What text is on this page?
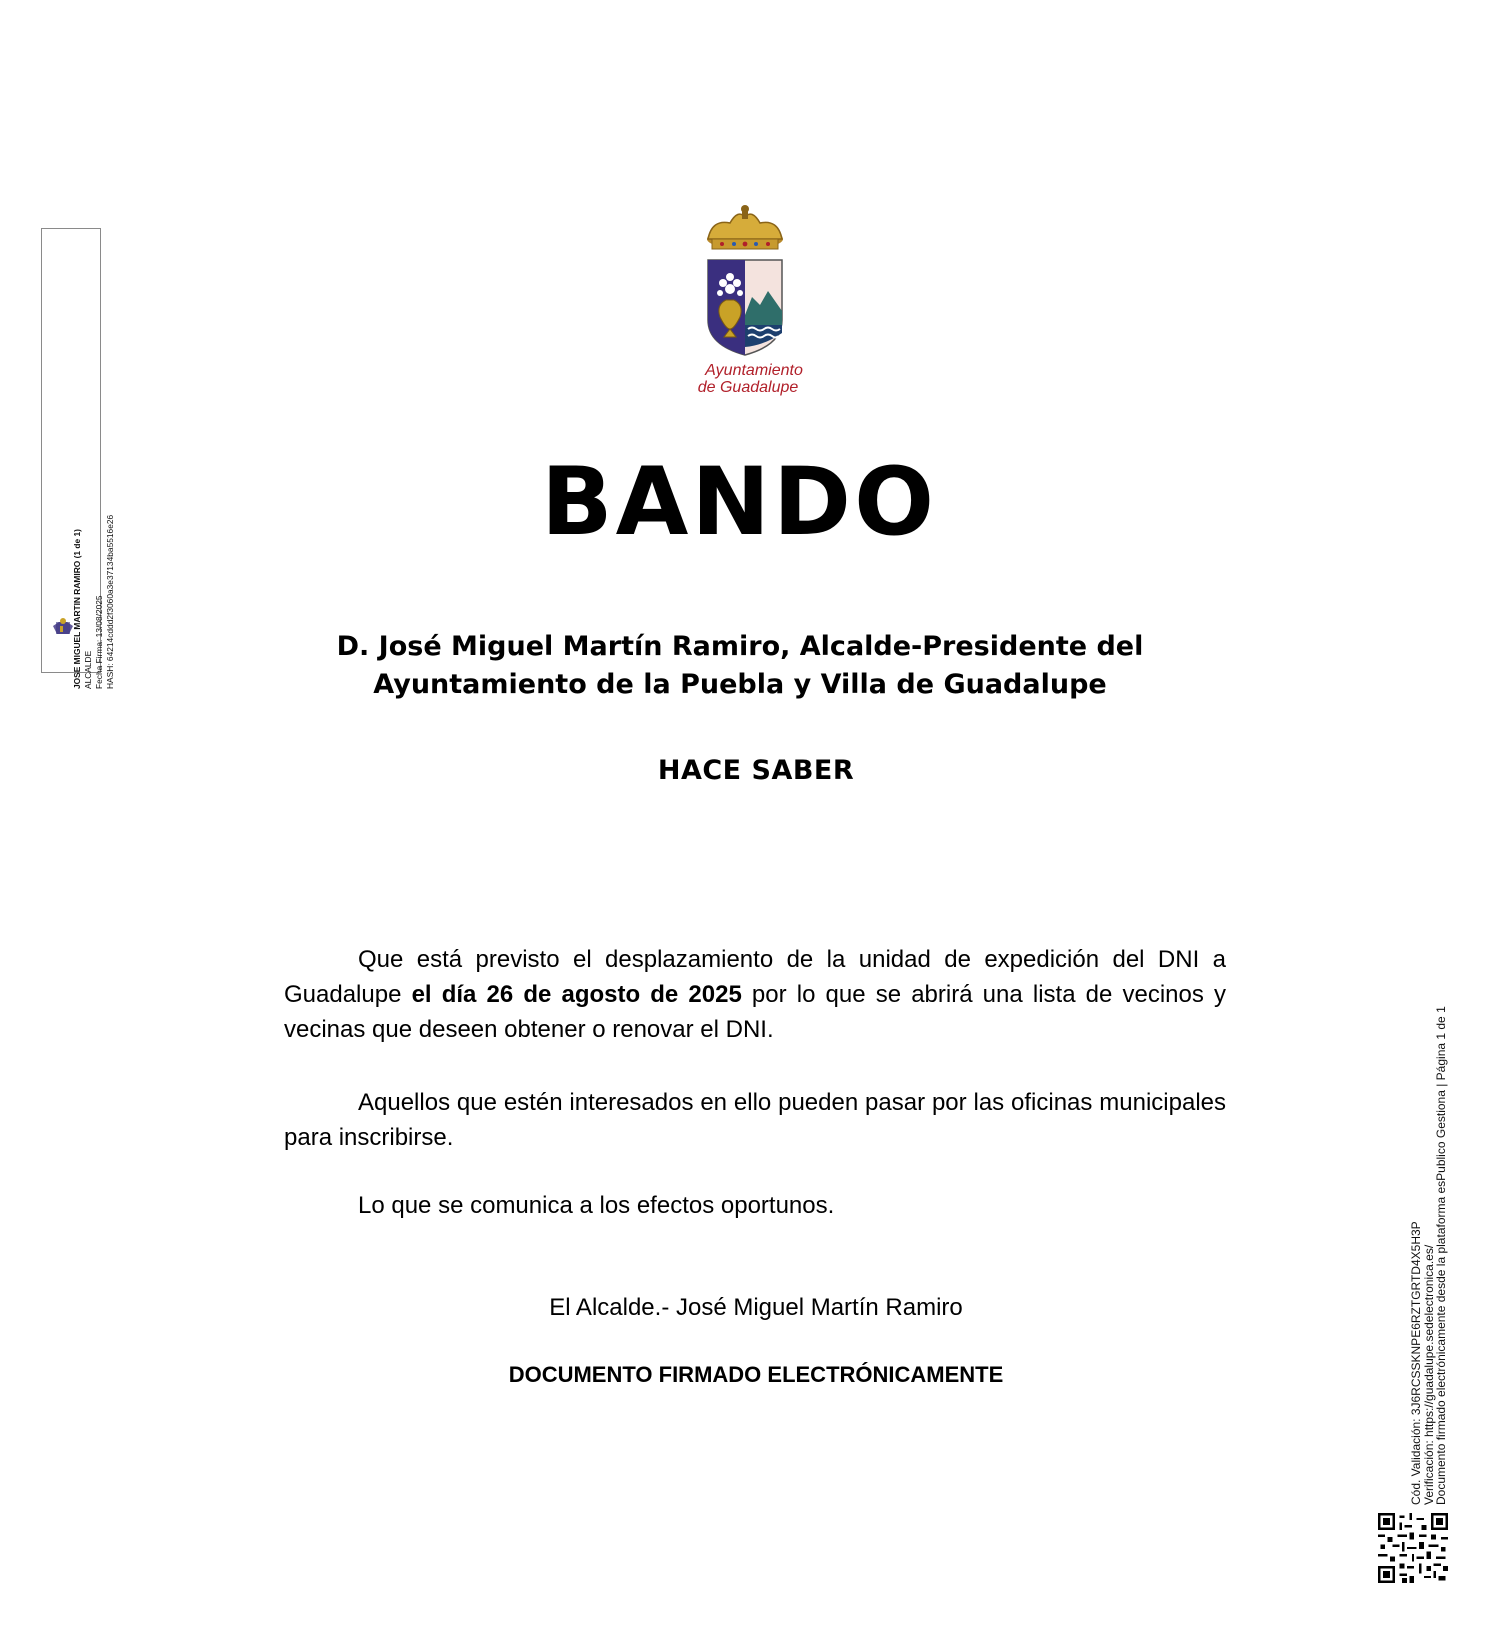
JOSE MIGUEL MARTIN RAMIRO (1 de 1) ALCALDE Fecha Firma: 13/08/2025 HASH: 64214cddd2f3060a3e37134ba5516e26
Ayuntamiento
de Guadalupe
BANDO
D. José Miguel Martín Ramiro, Alcalde-Presidente del
Ayuntamiento de la Puebla y Villa de Guadalupe
HACE SABER

Que está previsto el desplazamiento de la unidad de expedición del DNI a Guadalupe el día 26 de agosto de 2025 por lo que se abrirá una lista de vecinos y vecinas que deseen obtener o renovar el DNI.

Aquellos que estén interesados en ello pueden pasar por las oficinas municipales para inscribirse.

Lo que se comunica a los efectos oportunos.

El Alcalde.- José Miguel Martín Ramiro
DOCUMENTO FIRMADO ELECTRÓNICAMENTE	Cód. Validación: 3J6RCSSKNPE6RZTGRTD4X5H3P
Verificación: https://guadalupe.sedelectronica.es/
Documento firmado electrónicamente desde la plataforma esPublico Gestiona | Página 1 de 1
